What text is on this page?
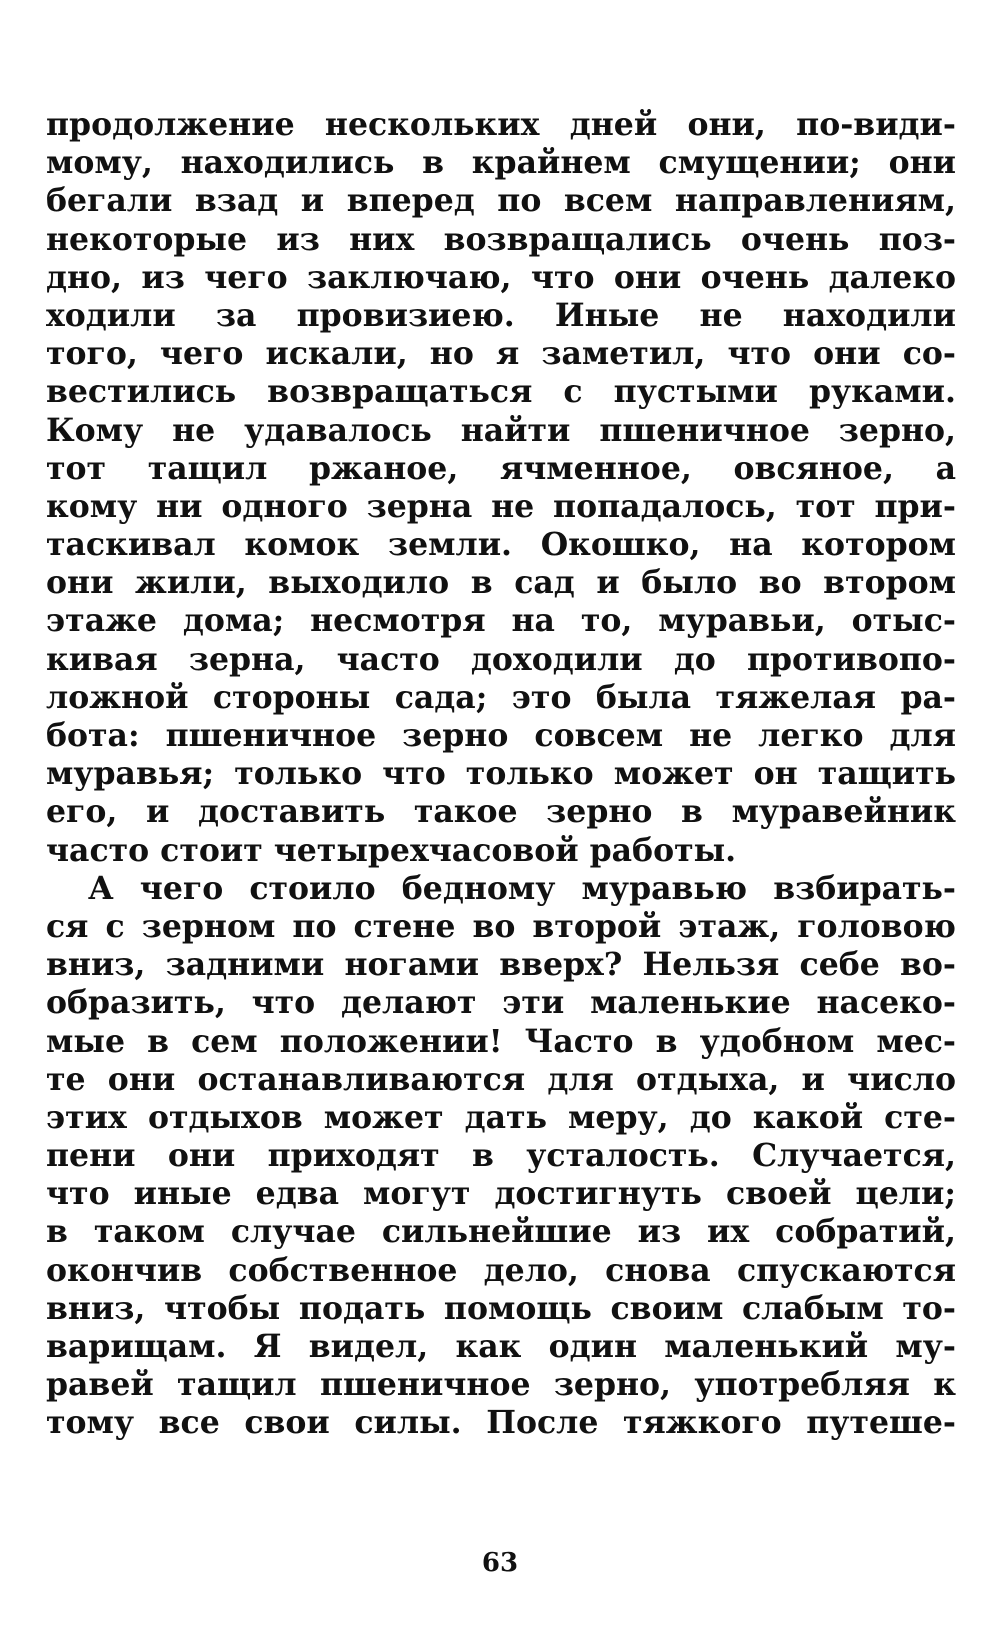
продолжение нескольких дней они, по-види-
мому, находились в крайнем смущении; они
бегали взад и вперед по всем направлениям,
некоторые из них возвращались очень поз-
дно, из чего заключаю, что они очень далеко
ходили за провизиею. Иные не находили
того, чего искали, но я заметил, что они со-
вестились возвращаться с пустыми руками.
Кому не удавалось найти пшеничное зерно,
тот тащил ржаное, ячменное, овсяное, а
кому ни одного зерна не попадалось, тот при-
таскивал комок земли. Окошко, на котором
они жили, выходило в сад и было во втором
этаже дома; несмотря на то, муравьи, отыс-
кивая зерна, часто доходили до противопо-
ложной стороны сада; это была тяжелая ра-
бота: пшеничное зерно совсем не легко для
муравья; только что только может он тащить
его, и доставить такое зерно в муравейник
часто стоит четырехчасовой работы.
А чего стоило бедному муравью взбирать-
ся с зерном по стене во второй этаж, головою
вниз, задними ногами вверх? Нельзя себе во-
образить, что делают эти маленькие насеко-
мые в сем положении! Часто в удобном мес-
те они останавливаются для отдыха, и число
этих отдыхов может дать меру, до какой сте-
пени они приходят в усталость. Случается,
что иные едва могут достигнуть своей цели;
в таком случае сильнейшие из их собратий,
окончив собственное дело, снова спускаются
вниз, чтобы подать помощь своим слабым то-
варищам. Я видел, как один маленький му-
равей тащил пшеничное зерно, употребляя к
тому все свои силы. После тяжкого путеше-
63
